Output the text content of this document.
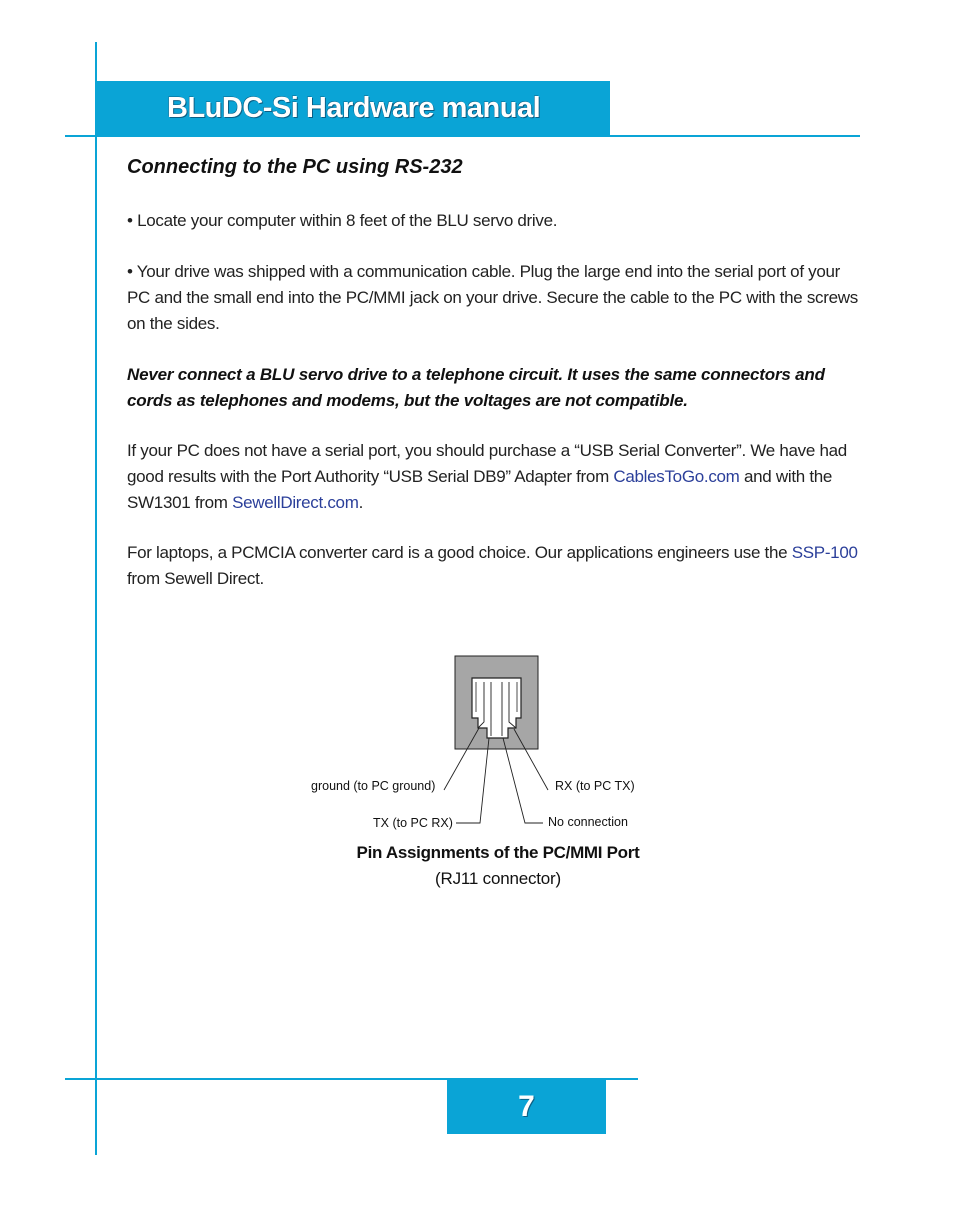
BLuDC-Si Hardware manual
Connecting to the PC using RS-232

• Locate your computer within 8 feet of the BLU servo drive.

• Your drive was shipped with a communication cable. Plug the large end into the serial port of your PC and the small end into the PC/MMI jack on your drive. Secure the cable to the PC with the screws on the sides.

Never connect a BLU servo drive to a telephone circuit. It uses the same connectors and cords as telephones and modems, but the voltages are not compatible.

If your PC does not have a serial port, you should purchase a “USB Serial Converter”. We have had good results with the Port Authority “USB Serial DB9” Adapter from CablesToGo.com and with the SW1301 from SewellDirect.com.

For laptops, a PCMCIA converter card is a good choice. Our applications engineers use the SSP-100 from Sewell Direct.

ground (to PC ground)	RX (to PC TX)
TX (to PC RX)	No connection

Pin Assignments of the PC/MMI Port

(RJ11 connector)

7
